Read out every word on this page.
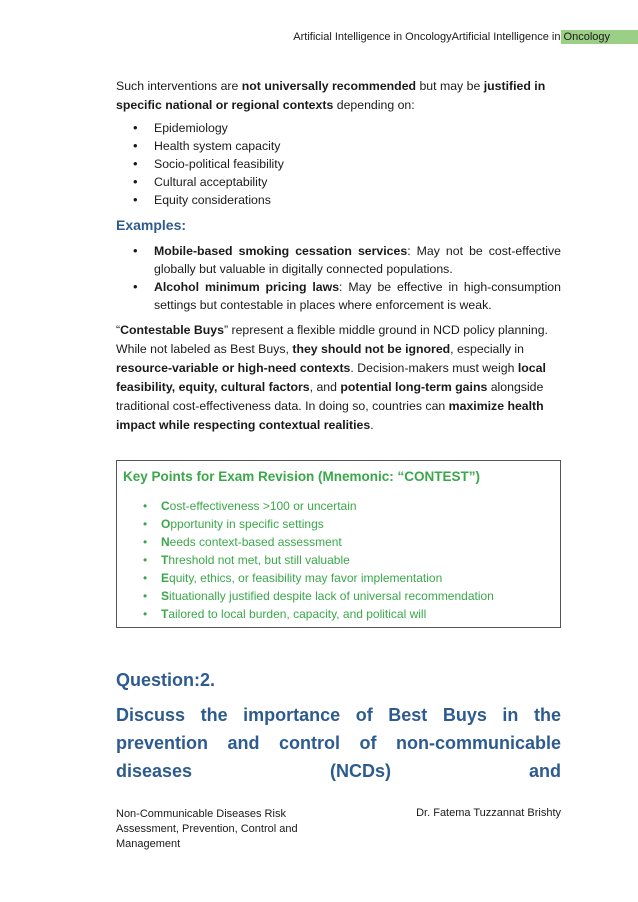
Artificial Intelligence in OncologyArtificial Intelligence in Oncology

Such interventions are not universally recommended but may be justified in specific national or regional contexts depending on:

• Epidemiology
• Health system capacity
• Socio-political feasibility
• Cultural acceptability
• Equity considerations

Examples:

• Mobile-based smoking cessation services: May not be cost-effective globally but valuable in digitally connected populations.
• Alcohol minimum pricing laws: May be effective in high-consumption settings but contestable in places where enforcement is weak.

“Contestable Buys” represent a flexible middle ground in NCD policy planning. While not labeled as Best Buys, they should not be ignored, especially in resource-variable or high-need contexts. Decision-makers must weigh local feasibility, equity, cultural factors, and potential long-term gains alongside traditional cost-effectiveness data. In doing so, countries can maximize health impact while respecting contextual realities.

Key Points for Exam Revision (Mnemonic: “CONTEST”)
• Cost-effectiveness >100 or uncertain
• Opportunity in specific settings
• Needs context-based assessment
• Threshold not met, but still valuable
• Equity, ethics, or feasibility may favor implementation
• Situationally justified despite lack of universal recommendation
• Tailored to local burden, capacity, and political will
Question:2.
Discuss the importance of Best Buys in the prevention and control of non-communicable diseases (NCDs) and
Non-Communicable Diseases Risk Assessment, Prevention, Control and Management
Dr. Fatema Tuzzannat Brishty
